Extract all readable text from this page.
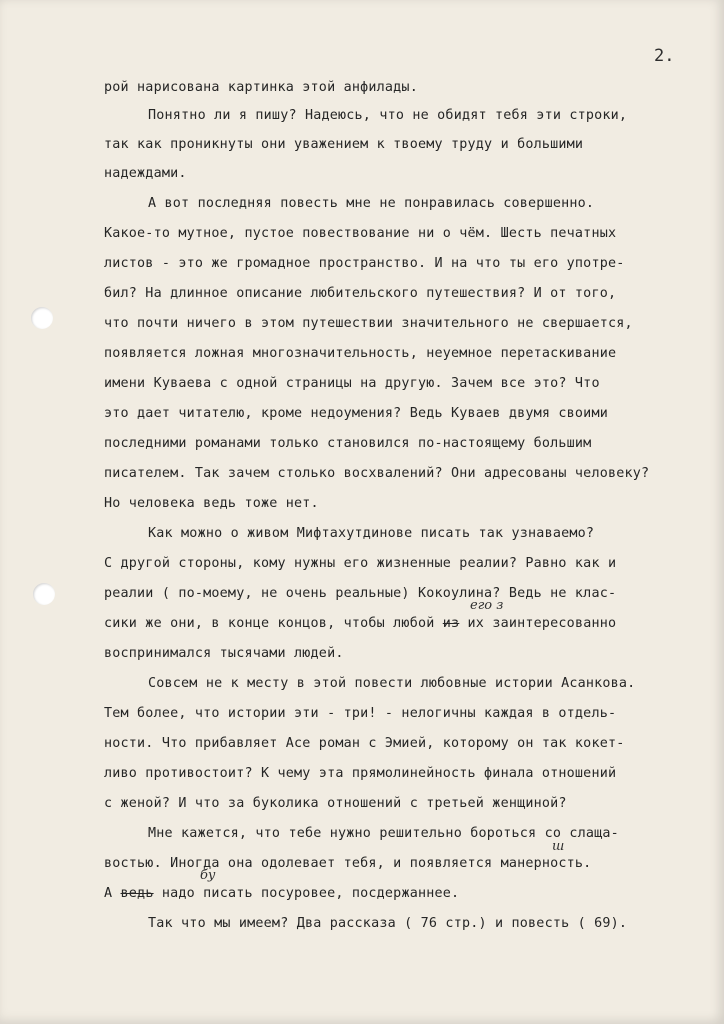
2.
рой нарисована картинка этой анфилады.
Понятно ли я пишу? Надеюсь, что не обидят тебя эти строки,
так как проникнуты они уважением к твоему труду и большими
надеждами.
А вот последняя повесть мне не понравилась совершенно.
Какое-то мутное, пустое повествование ни о чём. Шесть печатных
листов - это же громадное пространство. И на что ты его употре-
бил? На длинное описание любительского путешествия? И от того,
что почти ничего в этом путешествии значительного не свершается,
появляется ложная многозначительность, неуемное перетаскивание
имени Куваева с одной страницы на другую. Зачем все это? Что
это дает читателю, кроме недоумения? Ведь Куваев двумя своими
последними романами только становился по-настоящему большим
писателем. Так зачем столько восхвалений? Они адресованы человеку?
Но человека ведь тоже нет.
Как можно о живом Мифтахутдинове писать так узнаваемо?
С другой стороны, кому нужны его жизненные реалии? Равно как и
реалии ( по-моему, не очень реальные) Кокоулина? Ведь не клас-
его з
сики же они, в конце концов, чтобы любой из их заинтересованно
воспринимался тысячами людей.
Совсем не к месту в этой повести любовные истории Асанкова.
Тем более, что истории эти - три! - нелогичны каждая в отдель-
ности. Что прибавляет Асе роман с Эмией, которому он так кокет-
ливо противостоит? К чему эта прямолинейность финала отношений
с женой? И что за буколика отношений с третьей женщиной?
Мне кажется, что тебе нужно решительно бороться со слаща-
ш
востью. Иногда она одолевает тебя, и появляется манерность.
бу
А ведь надо писать посуровее, посдержаннее.
Так что мы имеем? Два рассказа ( 76 стр.) и повесть ( 69).
